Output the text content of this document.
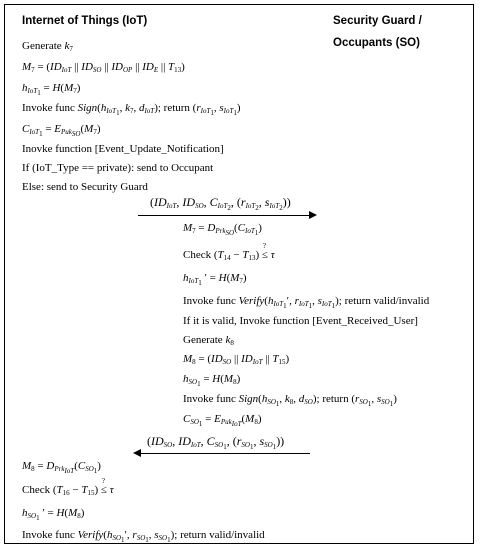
Internet of Things (IoT)	Security Guard /
Occupants (SO)
Generate $k_7$
$M_7 = (ID_{IoT}$ || $ID_{SO}$ || $ID_{OP}$ || $ID_E$ || $T_{13}$)
$h_{IoT_1} = H(M_7)$
Invoke func $Sign(h_{IoT_1}$, $k_7$, $d_{IoT}$); return ($r_{IoT_1}$, $s_{IoT_1}$)
$C_{IoT_1} = E_{Puk_{SO}}(M_7)$
Inovke function [Event_Update_Notification]
If (IoT_Type == private): send to Occupant
Else: send to Security Guard
($ID_{IoT}$, $ID_{SO}$, $C_{IoT_2}$, ($r_{IoT_2}$, $s_{IoT_2}$))
$M_7 = D_{Prk_{SO}}(C_{IoT_1})$
Check $(T_{14} - T_{13})$ ≤
?
τ
$h_{IoT_1}$ ′ = $H(M_7)$
Invoke func $Verify(h_{IoT_1}'$, $r_{IoT_1}$, $s_{IoT_1}$); return valid/invalid
If it is valid, Invoke function [Event_Received_User]
Generate $k_8$
$M_8 = (ID_{SO}$ || $ID_{IoT}$ || $T_{15}$)
$h_{SO_1} = H(M_8)$
Invoke func $Sign(h_{SO_1}$, $k_8$, $d_{SO}$); return ($r_{SO_1}$, $s_{SO_1}$)
$C_{SO_1} = E_{Puk_{IoT}}(M_8)$
($ID_{SO}$, $ID_{IoT}$, $C_{SO_1}$, ($r_{SO_1}$, $s_{SO_1}$))
$M_8 = D_{Prk_{IoT}}(C_{SO_1})$
Check $(T_{16} - T_{15})$ ≤
?
τ
$h_{SO_1}$ ′ = $H(M_8)$
Invoke func $Verify(h_{SO_1}'$, $r_{SO_1}$, $s_{SO_1}$); return valid/invalid
